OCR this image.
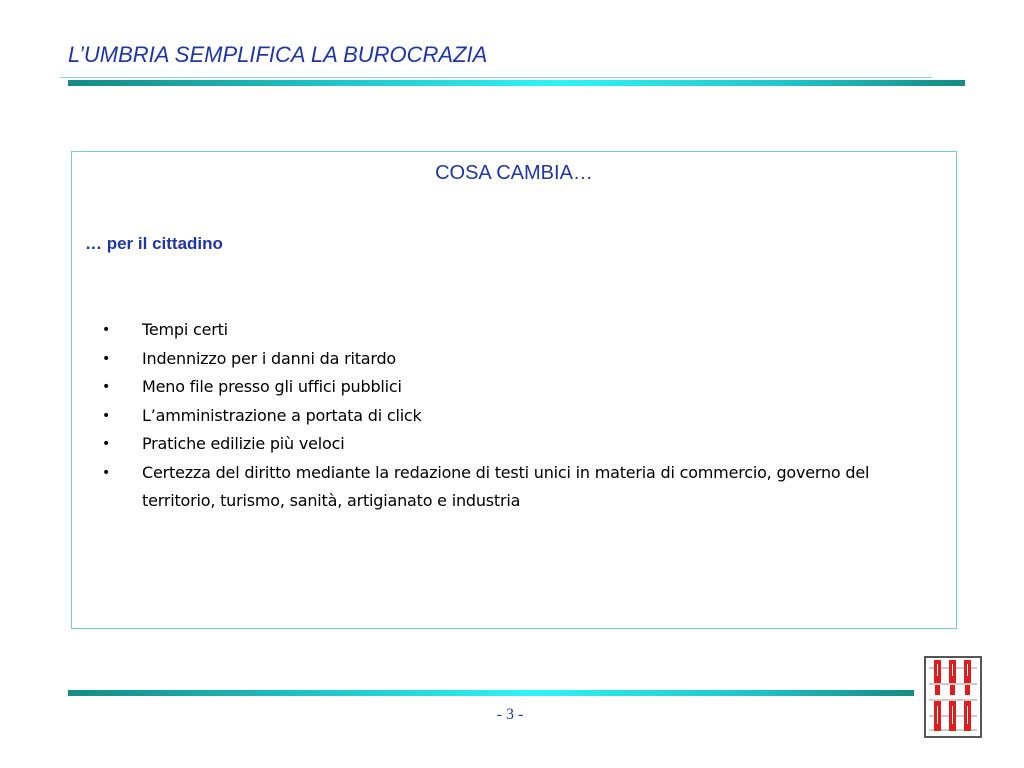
L’UMBRIA SEMPLIFICA LA BUROCRAZIA
COSA CAMBIA…
… per il cittadino
• Tempi certi
• Indennizzo per i danni da ritardo
• Meno file presso gli uffici pubblici
• L’amministrazione a portata di click
• Pratiche edilizie più veloci
• Certezza del diritto mediante la redazione di testi unici in materia di commercio, governo del territorio, turismo, sanità, artigianato e industria
- 3 -
